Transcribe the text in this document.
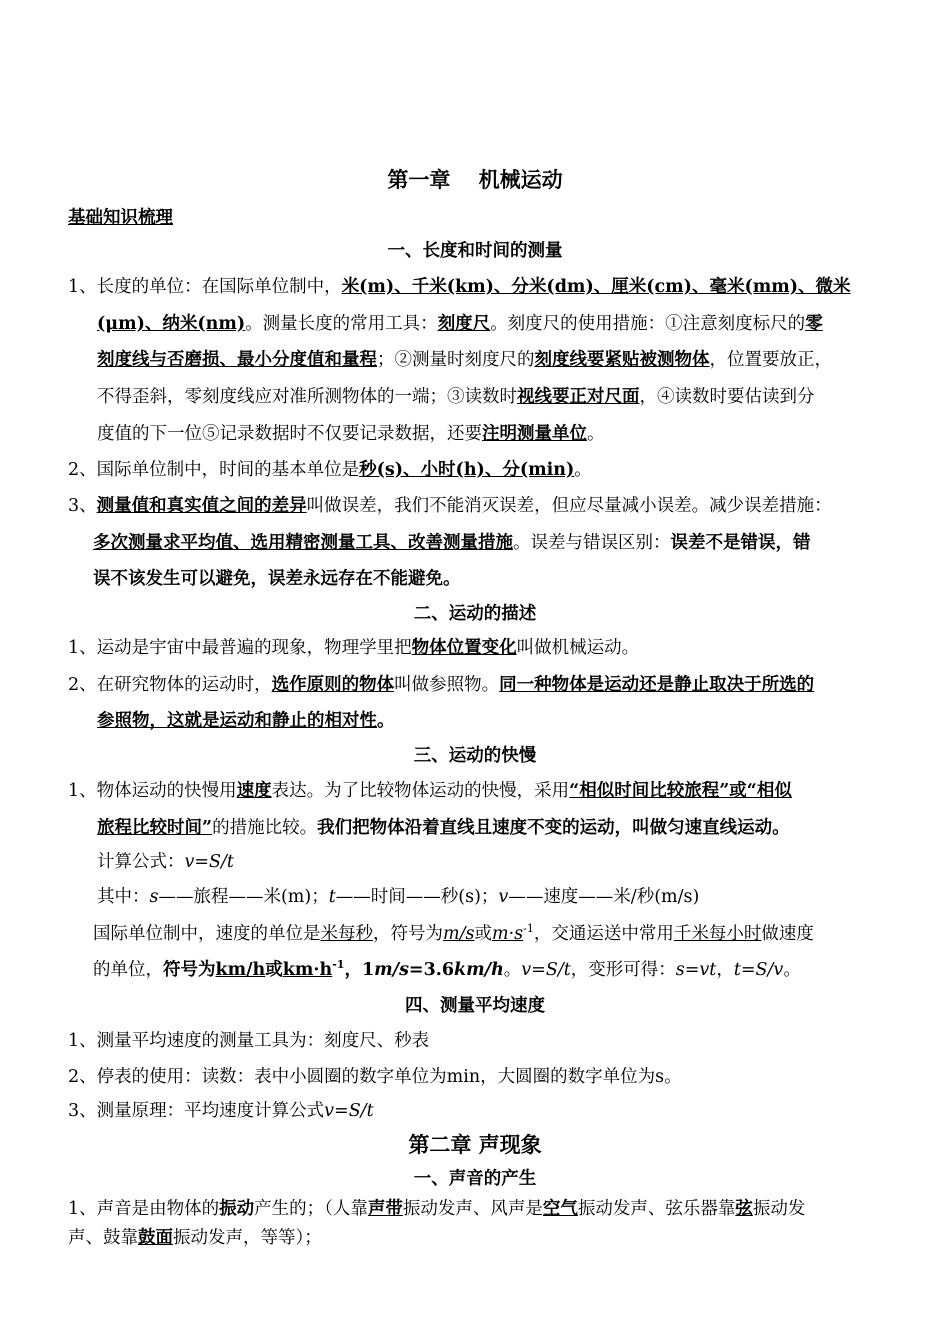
第一章　 机械运动
基础知识梳理
一、长度和时间的测量
1、长度的单位：在国际单位制中，米(m)、千米(km)、分米(dm)、厘米(cm)、毫米(mm)、微米
(μm)、纳米(nm)。测量长度的常用工具：刻度尺。刻度尺的使用措施：①注意刻度标尺的零
刻度线与否磨损、最小分度值和量程；②测量时刻度尺的刻度线要紧贴被测物体，位置要放正，
不得歪斜，零刻度线应对准所测物体的一端；③读数时视线要正对尺面，④读数时要估读到分
度值的下一位⑤记录数据时不仅要记录数据，还要注明测量单位。
2、国际单位制中，时间的基本单位是秒(s)、小时(h)、分(min)。
3、测量值和真实值之间的差异叫做误差，我们不能消灭误差，但应尽量减小误差。减少误差措施：
多次测量求平均值、选用精密测量工具、改善测量措施。误差与错误区别：误差不是错误，错
误不该发生可以避免，误差永远存在不能避免。
二、运动的描述
1、运动是宇宙中最普遍的现象，物理学里把物体位置变化叫做机械运动。
2、在研究物体的运动时，选作原则的物体叫做参照物。同一种物体是运动还是静止取决于所选的
参照物，这就是运动和静止的相对性。
三、运动的快慢
1、物体运动的快慢用速度表达。为了比较物体运动的快慢，采用“相似时间比较旅程”或“相似
旅程比较时间”的措施比较。我们把物体沿着直线且速度不变的运动，叫做匀速直线运动。
计算公式：v=S/t
其中：s——旅程——米(m)；t——时间——秒(s)；v——速度——米/秒(m/s)
国际单位制中，速度的单位是米每秒，符号为m/s或$m\cdot s^{-1}$，交通运送中常用千米每小时做速度
的单位，符号为km/h或$km\cdot h^{-1}$，1m/s=3.6km/h。v=S/t，变形可得：s=vt，t=S/v。
四、测量平均速度
1、测量平均速度的测量工具为：刻度尺、秒表
2、停表的使用：读数：表中小圆圈的数字单位为min，大圆圈的数字单位为s。
3、测量原理：平均速度计算公式v=S/t
第二章 声现象
一、声音的产生
1、声音是由物体的振动产生的；（人靠声带振动发声、风声是空气振动发声、弦乐器靠弦振动发
声、鼓靠鼓面振动发声，等等）；
